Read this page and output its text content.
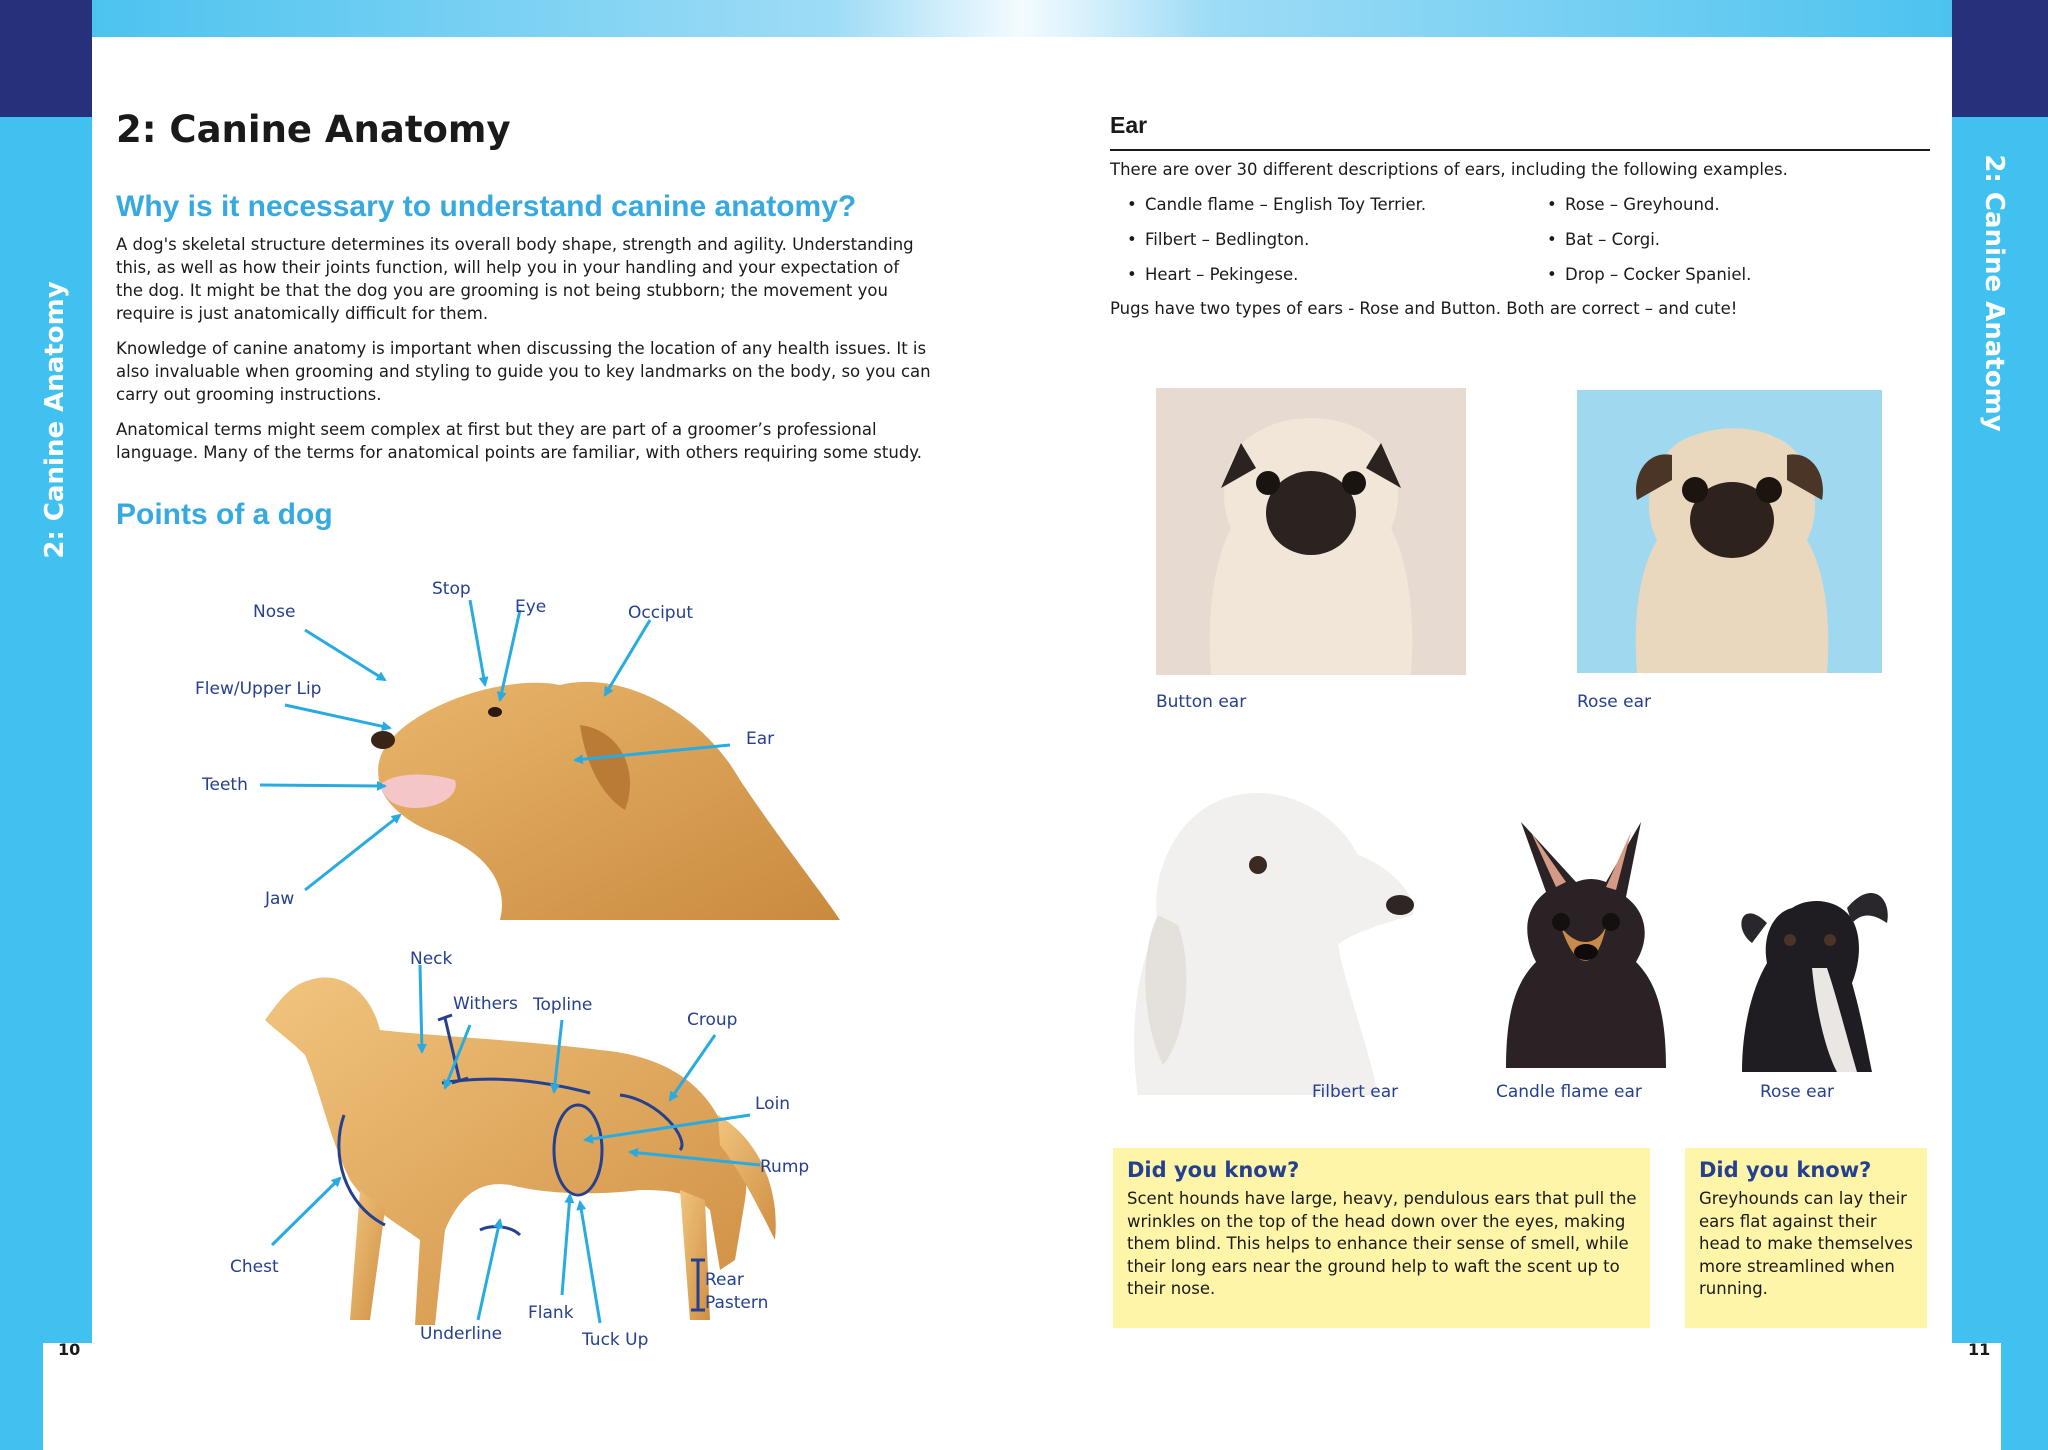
2: Canine Anatomy	2: Canine Anatomy
10	11
2: Canine Anatomy
Why is it necessary to understand canine anatomy?

A dog's skeletal structure determines its overall body shape, strength and agility. Understanding this, as well as how their joints function, will help you in your handling and your expectation of the dog. It might be that the dog you are grooming is not being stubborn; the movement you require is just anatomically difficult for them.

Knowledge of canine anatomy is important when discussing the location of any health issues. It is also invaluable when grooming and styling to guide you to key landmarks on the body, so you can carry out grooming instructions.

Anatomical terms might seem complex at first but they are part of a groomer’s professional language. Many of the terms for anatomical points are familiar, with others requiring some study.

Points of a dog
Nose
Stop
Eye	Occiput
Flew/Upper Lip
Ear
Teeth
Jaw
Neck
Withers Topline
Croup
Loin
Rump
Chest
Rear
Pastern
Flank
Underline	Tuck Up
Ear
There are over 30 different descriptions of ears, including the following examples.
• Candle flame – English Toy Terrier.
• Filbert – Bedlington.
• Heart – Pekingese.
• Rose – Greyhound.
• Bat – Corgi.
• Drop – Cocker Spaniel.
Pugs have two types of ears - Rose and Button. Both are correct – and cute!
Button ear	Rose ear
Filbert ear	Candle flame ear	Rose ear
Did you know?

Scent hounds have large, heavy, pendulous ears that pull the wrinkles on the top of the head down over the eyes, making them blind. This helps to enhance their sense of smell, while their long ears near the ground help to waft the scent up to their nose.

Did you know?

Greyhounds can lay their ears flat against their head to make themselves more streamlined when running.
